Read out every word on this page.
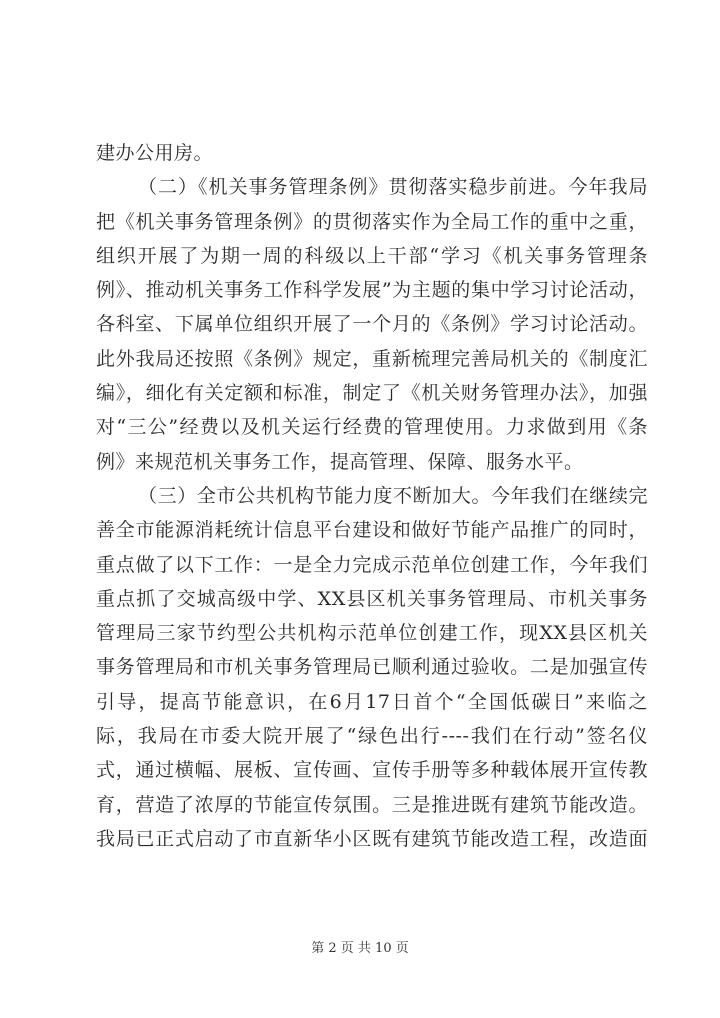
建办公用房。
（二）《机关事务管理条例》贯彻落实稳步前进。今年我局
把《机关事务管理条例》的贯彻落实作为全局工作的重中之重，
组织开展了为期一周的科级以上干部“学习《机关事务管理条
例》、推动机关事务工作科学发展”为主题的集中学习讨论活动，
各科室、下属单位组织开展了一个月的《条例》学习讨论活动。
此外我局还按照《条例》规定，重新梳理完善局机关的《制度汇
编》，细化有关定额和标准，制定了《机关财务管理办法》，加强
对“三公”经费以及机关运行经费的管理使用。力求做到用《条
例》来规范机关事务工作，提高管理、保障、服务水平。
（三）全市公共机构节能力度不断加大。今年我们在继续完
善全市能源消耗统计信息平台建设和做好节能产品推广的同时，
重点做了以下工作：一是全力完成示范单位创建工作，今年我们
重点抓了交城高级中学、XX县区机关事务管理局、市机关事务
管理局三家节约型公共机构示范单位创建工作，现XX县区机关
事务管理局和市机关事务管理局已顺利通过验收。二是加强宣传
引导，提高节能意识，在6月17日首个“全国低碳日”来临之
际，我局在市委大院开展了“绿色出行----我们在行动”签名仪
式，通过横幅、展板、宣传画、宣传手册等多种载体展开宣传教
育，营造了浓厚的节能宣传氛围。三是推进既有建筑节能改造。
我局已正式启动了市直新华小区既有建筑节能改造工程，改造面
第 2 页 共 10 页
